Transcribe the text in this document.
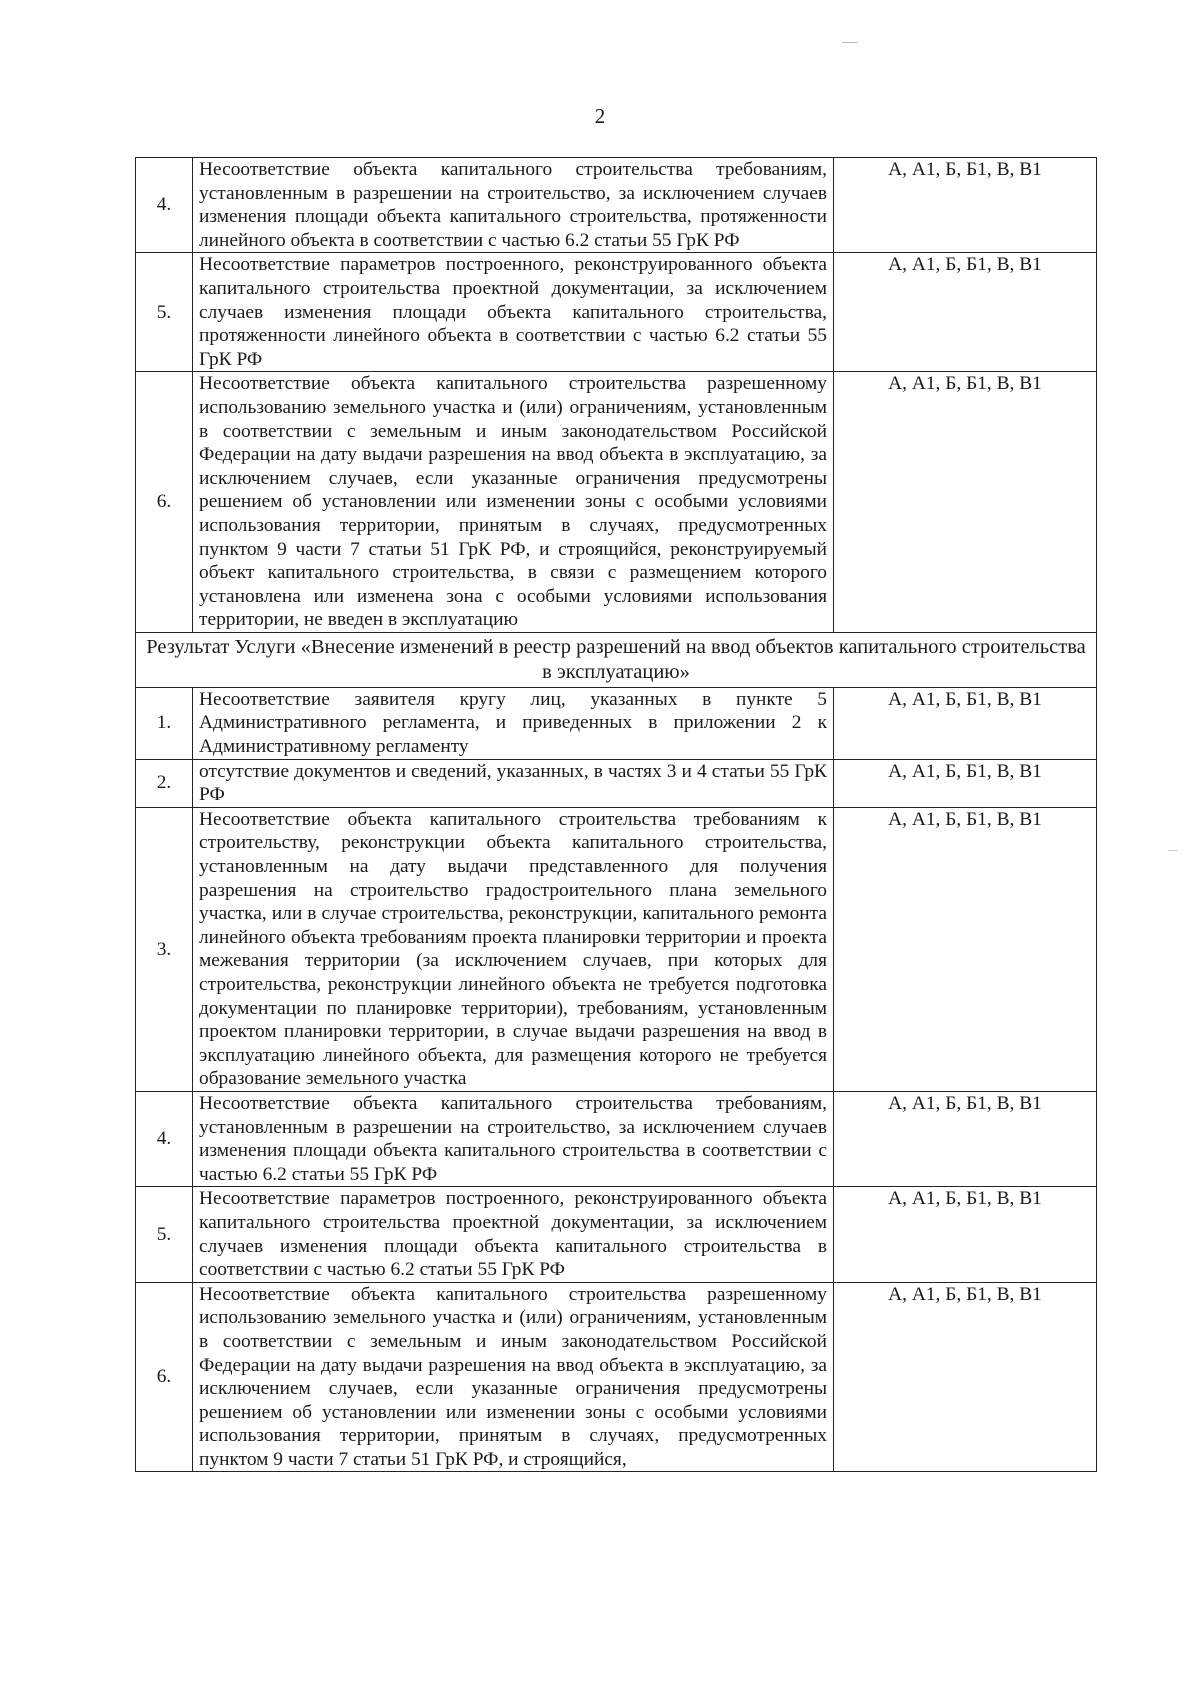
2
4.	Несоответствие объекта капитального строительства требованиям, установленным в разрешении на строительство, за исключением случаев изменения площади объекта капитального строительства, протяженности линейного объекта в соответствии с частью 6.2 статьи 55 ГрК РФ	А, А1, Б, Б1, В, В1
5.	Несоответствие параметров построенного, реконструированного объекта капитального строительства проектной документации, за исключением случаев изменения площади объекта капитального строительства, протяженности линейного объекта в соответствии с частью 6.2 статьи 55 ГрК РФ	А, А1, Б, Б1, В, В1
6.	Несоответствие объекта капитального строительства разрешенному использованию земельного участка и (или) ограничениям, установленным в соответствии с земельным и иным законодательством Российской Федерации на дату выдачи разрешения на ввод объекта в эксплуатацию, за исключением случаев, если указанные ограничения предусмотрены решением об установлении или изменении зоны с особыми условиями использования территории, принятым в случаях, предусмотренных пунктом 9 части 7 статьи 51 ГрК РФ, и строящийся, реконструируемый объект капитального строительства, в связи с размещением которого установлена или изменена зона с особыми условиями использования территории, не введен в эксплуатацию	А, А1, Б, Б1, В, В1
Результат Услуги «Внесение изменений в реестр разрешений на ввод объектов капитального строительства в эксплуатацию»		
1.	Несоответствие заявителя кругу лиц, указанных в пункте 5 Административного регламента, и приведенных в приложении 2 к Административному регламенту	А, А1, Б, Б1, В, В1
2.	отсутствие документов и сведений, указанных, в частях 3 и 4 статьи 55 ГрК РФ	А, А1, Б, Б1, В, В1
3.	Несоответствие объекта капитального строительства требованиям к строительству, реконструкции объекта капитального строительства, установленным на дату выдачи представленного для получения разрешения на строительство градостроительного плана земельного участка, или в случае строительства, реконструкции, капитального ремонта линейного объекта требованиям проекта планировки территории и проекта межевания территории (за исключением случаев, при которых для строительства, реконструкции линейного объекта не требуется подготовка документации по планировке территории), требованиям, установленным проектом планировки территории, в случае выдачи разрешения на ввод в эксплуатацию линейного объекта, для размещения которого не требуется образование земельного участка	А, А1, Б, Б1, В, В1
4.	Несоответствие объекта капитального строительства требованиям, установленным в разрешении на строительство, за исключением случаев изменения площади объекта капитального строительства в соответствии с частью 6.2 статьи 55 ГрК РФ	А, А1, Б, Б1, В, В1
5.	Несоответствие параметров построенного, реконструированного объекта капитального строительства проектной документации, за исключением случаев изменения площади объекта капитального строительства в соответствии с частью 6.2 статьи 55 ГрК РФ	А, А1, Б, Б1, В, В1
6.	Несоответствие объекта капитального строительства разрешенному использованию земельного участка и (или) ограничениям, установленным в соответствии с земельным и иным законодательством Российской Федерации на дату выдачи разрешения на ввод объекта в эксплуатацию, за исключением случаев, если указанные ограничения предусмотрены решением об установлении или изменении зоны с особыми условиями использования территории, принятым в случаях, предусмотренных пунктом 9 части 7 статьи 51 ГрК РФ, и строящийся,	А, А1, Б, Б1, В, В1
